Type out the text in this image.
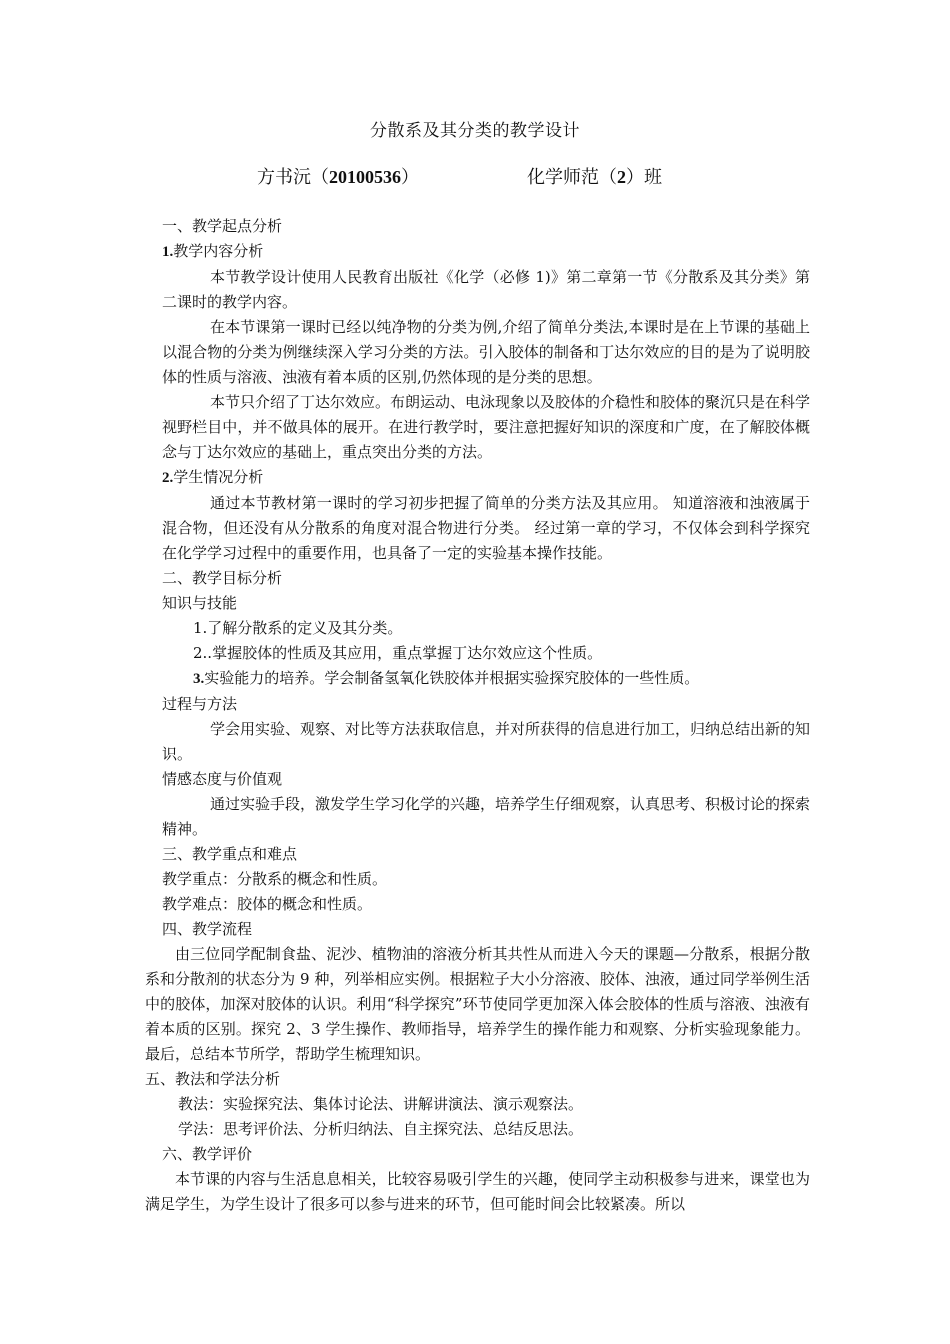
分散系及其分类的教学设计
方书沅（20100536）	化学师范（2）班

一、教学起点分析

1.教学内容分析

本节教学设计使用人民教育出版社《化学（必修 1)》第二章第一节《分散系及其分类》第二课时的教学内容。

在本节课第一课时已经以纯净物的分类为例,介绍了简单分类法,本课时是在上节课的基础上以混合物的分类为例继续深入学习分类的方法。引入胶体的制备和丁达尔效应的目的是为了说明胶体的性质与溶液、浊液有着本质的区别,仍然体现的是分类的思想。

本节只介绍了丁达尔效应。布朗运动、电泳现象以及胶体的介稳性和胶体的聚沉只是在科学视野栏目中，并不做具体的展开。在进行教学时，要注意把握好知识的深度和广度，在了解胶体概念与丁达尔效应的基础上，重点突出分类的方法。

2.学生情况分析

通过本节教材第一课时的学习初步把握了简单的分类方法及其应用。 知道溶液和浊液属于混合物，但还没有从分散系的角度对混合物进行分类。 经过第一章的学习，不仅体会到科学探究在化学学习过程中的重要作用，也具备了一定的实验基本操作技能。

二、教学目标分析

知识与技能

1.了解分散系的定义及其分类。

2..掌握胶体的性质及其应用，重点掌握丁达尔效应这个性质。

3.实验能力的培养。学会制备氢氧化铁胶体并根据实验探究胶体的一些性质。

过程与方法

学会用实验、观察、对比等方法获取信息，并对所获得的信息进行加工，归纳总结出新的知识。

情感态度与价值观

通过实验手段，激发学生学习化学的兴趣，培养学生仔细观察，认真思考、积极讨论的探索精神。

三、教学重点和难点

教学重点：分散系的概念和性质。

教学难点：胶体的概念和性质。

四、教学流程

由三位同学配制食盐、泥沙、植物油的溶液分析其共性从而进入今天的课题—分散系，根据分散系和分散剂的状态分为 9 种，列举相应实例。根据粒子大小分溶液、胶体、浊液，通过同学举例生活中的胶体，加深对胶体的认识。利用“科学探究”环节使同学更加深入体会胶体的性质与溶液、浊液有着本质的区别。探究 2、3 学生操作、教师指导，培养学生的操作能力和观察、分析实验现象能力。最后，总结本节所学，帮助学生梳理知识。

五、教法和学法分析

教法：实验探究法、集体讨论法、讲解讲演法、演示观察法。

学法：思考评价法、分析归纳法、自主探究法、总结反思法。

六、教学评价

本节课的内容与生活息息相关，比较容易吸引学生的兴趣，使同学主动积极参与进来，课堂也为满足学生，为学生设计了很多可以参与进来的环节，但可能时间会比较紧凑。所以
